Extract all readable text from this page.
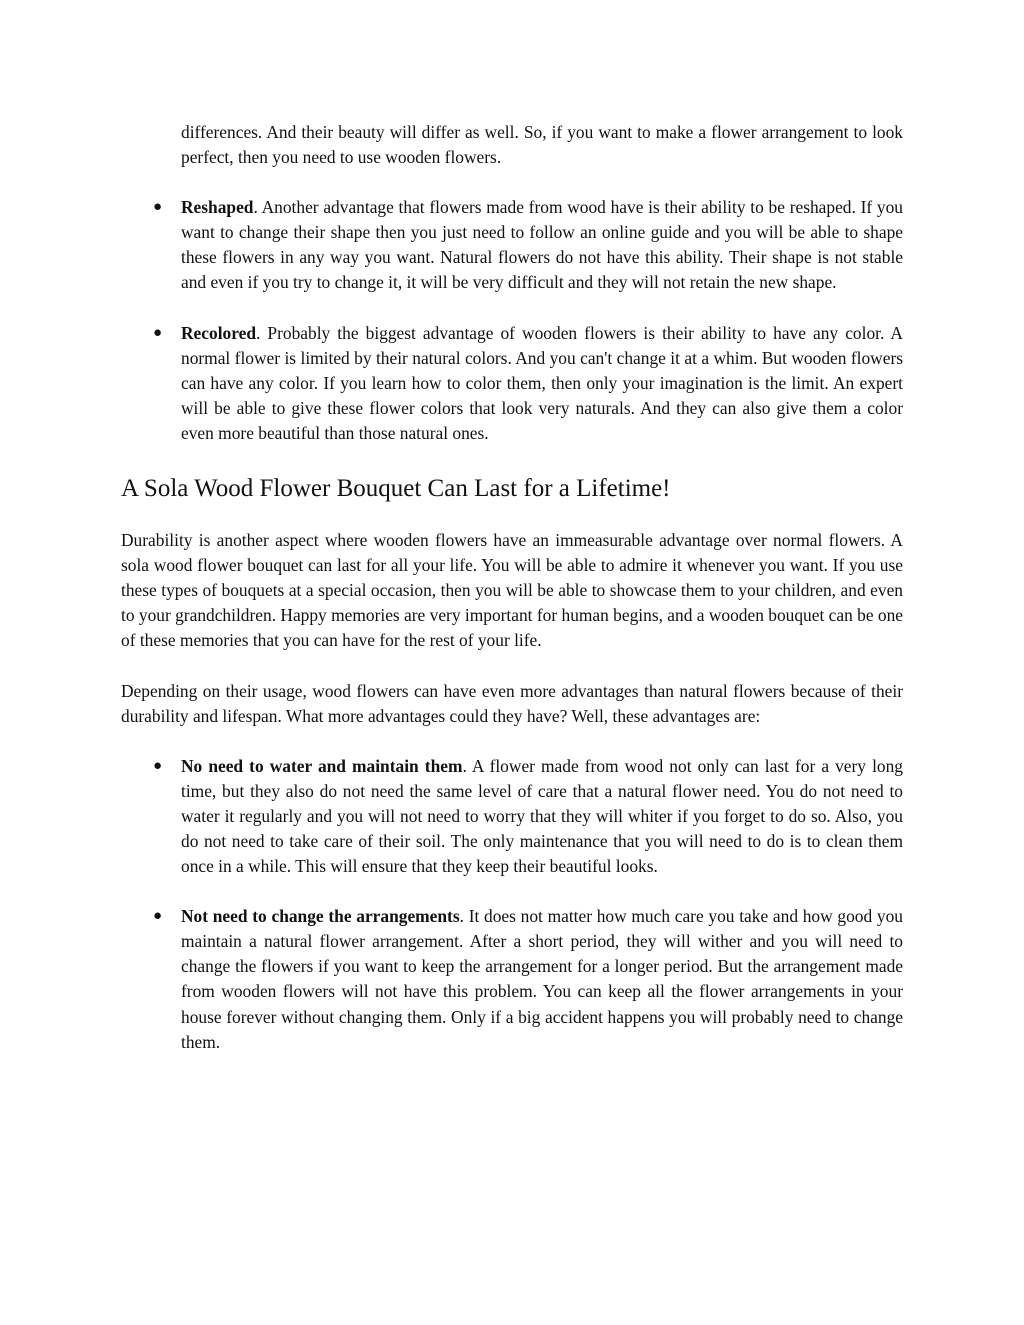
differences. And their beauty will differ as well. So, if you want to make a flower arrangement to look perfect, then you need to use wooden flowers.

● Reshaped. Another advantage that flowers made from wood have is their ability to be reshaped. If you want to change their shape then you just need to follow an online guide and you will be able to shape these flowers in any way you want. Natural flowers do not have this ability. Their shape is not stable and even if you try to change it, it will be very difficult and they will not retain the new shape.
● Recolored. Probably the biggest advantage of wooden flowers is their ability to have any color. A normal flower is limited by their natural colors. And you can't change it at a whim. But wooden flowers can have any color. If you learn how to color them, then only your imagination is the limit. An expert will be able to give these flower colors that look very naturals. And they can also give them a color even more beautiful than those natural ones.
A Sola Wood Flower Bouquet Can Last for a Lifetime!

Durability is another aspect where wooden flowers have an immeasurable advantage over normal flowers. A sola wood flower bouquet can last for all your life. You will be able to admire it whenever you want. If you use these types of bouquets at a special occasion, then you will be able to showcase them to your children, and even to your grandchildren. Happy memories are very important for human begins, and a wooden bouquet can be one of these memories that you can have for the rest of your life.

Depending on their usage, wood flowers can have even more advantages than natural flowers because of their durability and lifespan. What more advantages could they have? Well, these advantages are:

● No need to water and maintain them. A flower made from wood not only can last for a very long time, but they also do not need the same level of care that a natural flower need. You do not need to water it regularly and you will not need to worry that they will whiter if you forget to do so. Also, you do not need to take care of their soil. The only maintenance that you will need to do is to clean them once in a while. This will ensure that they keep their beautiful looks.
● Not need to change the arrangements. It does not matter how much care you take and how good you maintain a natural flower arrangement. After a short period, they will wither and you will need to change the flowers if you want to keep the arrangement for a longer period. But the arrangement made from wooden flowers will not have this problem. You can keep all the flower arrangements in your house forever without changing them. Only if a big accident happens you will probably need to change them.
